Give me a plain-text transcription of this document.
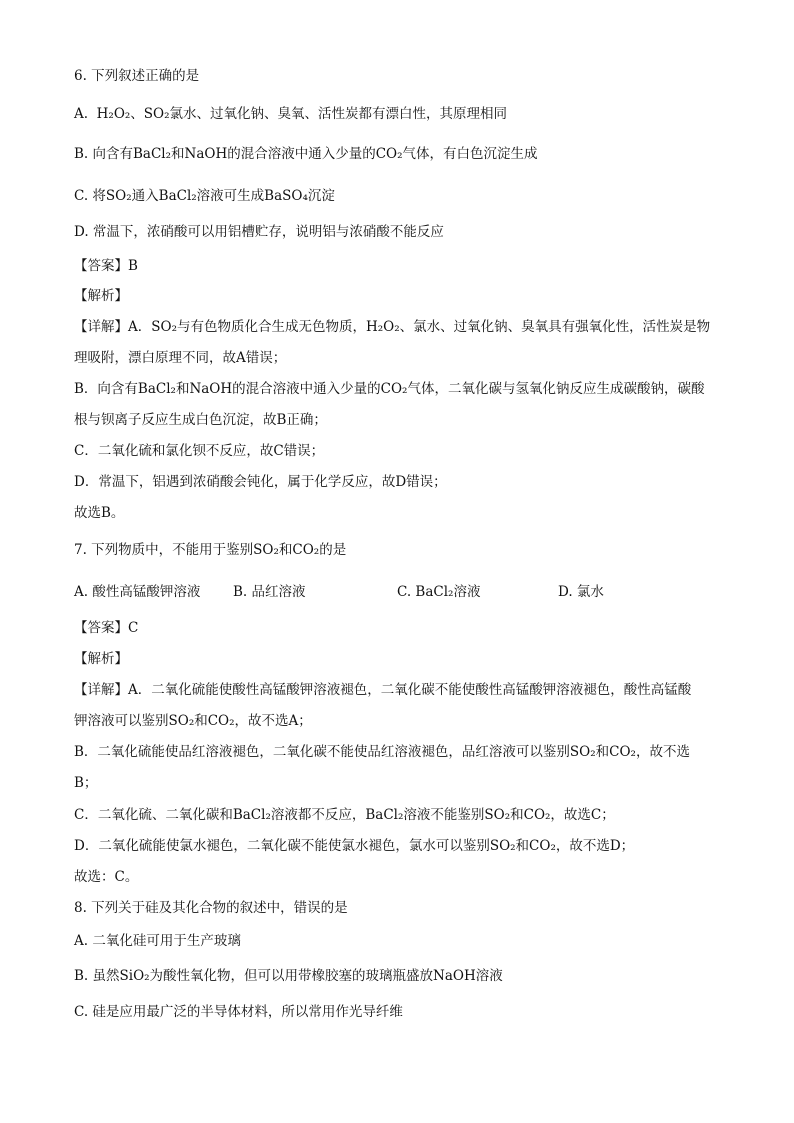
6. 下列叙述正确的是
A. H₂O₂、SO₂氯水、过氧化钠、臭氧、活性炭都有漂白性，其原理相同
B. 向含有BaCl₂和NaOH的混合溶液中通入少量的CO₂气体，有白色沉淀生成
C. 将SO₂通入BaCl₂溶液可生成BaSO₄沉淀
D. 常温下，浓硝酸可以用铝槽贮存，说明铝与浓硝酸不能反应
【答案】B
【解析】
【详解】A．SO₂与有色物质化合生成无色物质，H₂O₂、氯水、过氧化钠、臭氧具有强氧化性，活性炭是物
理吸附，漂白原理不同，故A错误；
B．向含有BaCl₂和NaOH的混合溶液中通入少量的CO₂气体，二氧化碳与氢氧化钠反应生成碳酸钠，碳酸
根与钡离子反应生成白色沉淀，故B正确；
C．二氧化硫和氯化钡不反应，故C错误；
D．常温下，铝遇到浓硝酸会钝化，属于化学反应，故D错误；
故选B。
7. 下列物质中，不能用于鉴别SO₂和CO₂的是
A. 酸性高锰酸钾溶液 B. 品红溶液	C. BaCl₂溶液	D. 氯水
【答案】C
【解析】
【详解】A．二氧化硫能使酸性高锰酸钾溶液褪色，二氧化碳不能使酸性高锰酸钾溶液褪色，酸性高锰酸
钾溶液可以鉴别SO₂和CO₂，故不选A；
B．二氧化硫能使品红溶液褪色，二氧化碳不能使品红溶液褪色，品红溶液可以鉴别SO₂和CO₂，故不选
B；
C．二氧化硫、二氧化碳和BaCl₂溶液都不反应，BaCl₂溶液不能鉴别SO₂和CO₂，故选C；
D．二氧化硫能使氯水褪色，二氧化碳不能使氯水褪色，氯水可以鉴别SO₂和CO₂，故不选D；
故选：C。
8. 下列关于硅及其化合物的叙述中，错误的是
A. 二氧化硅可用于生产玻璃
B. 虽然SiO₂为酸性氧化物，但可以用带橡胶塞的玻璃瓶盛放NaOH溶液
C. 硅是应用最广泛的半导体材料，所以常用作光导纤维
